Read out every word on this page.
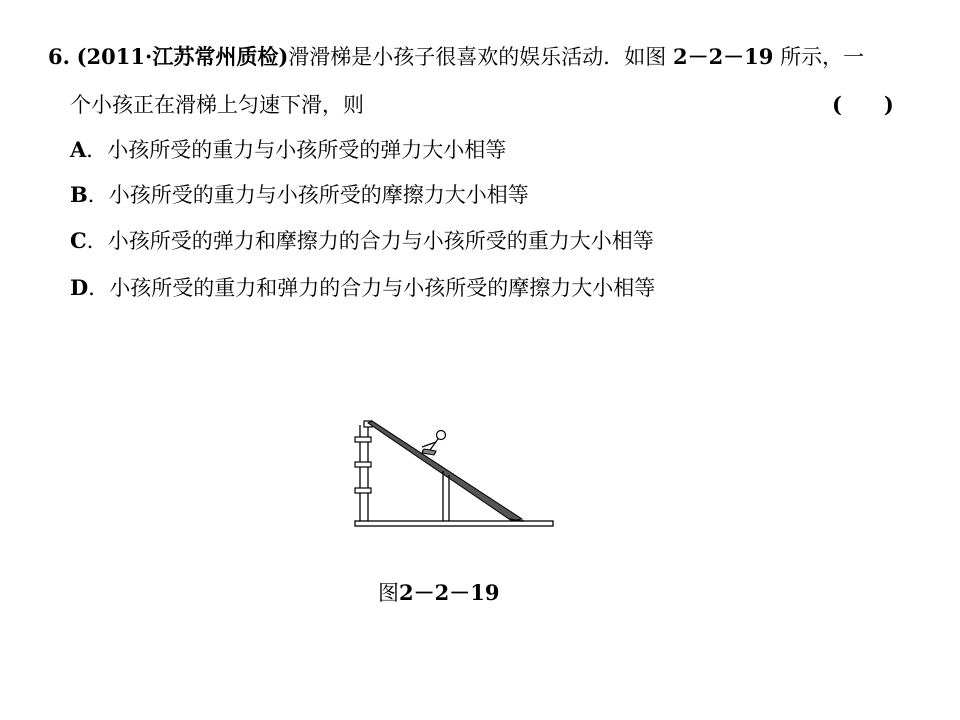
6. (2011·江苏常州质检)滑滑梯是小孩子很喜欢的娱乐活动．如图 2－2－19 所示，一
个小孩正在滑梯上匀速下滑，则	(　　)
A．小孩所受的重力与小孩所受的弹力大小相等
B．小孩所受的重力与小孩所受的摩擦力大小相等
C．小孩所受的弹力和摩擦力的合力与小孩所受的重力大小相等
D．小孩所受的重力和弹力的合力与小孩所受的摩擦力大小相等
图2－2－19
